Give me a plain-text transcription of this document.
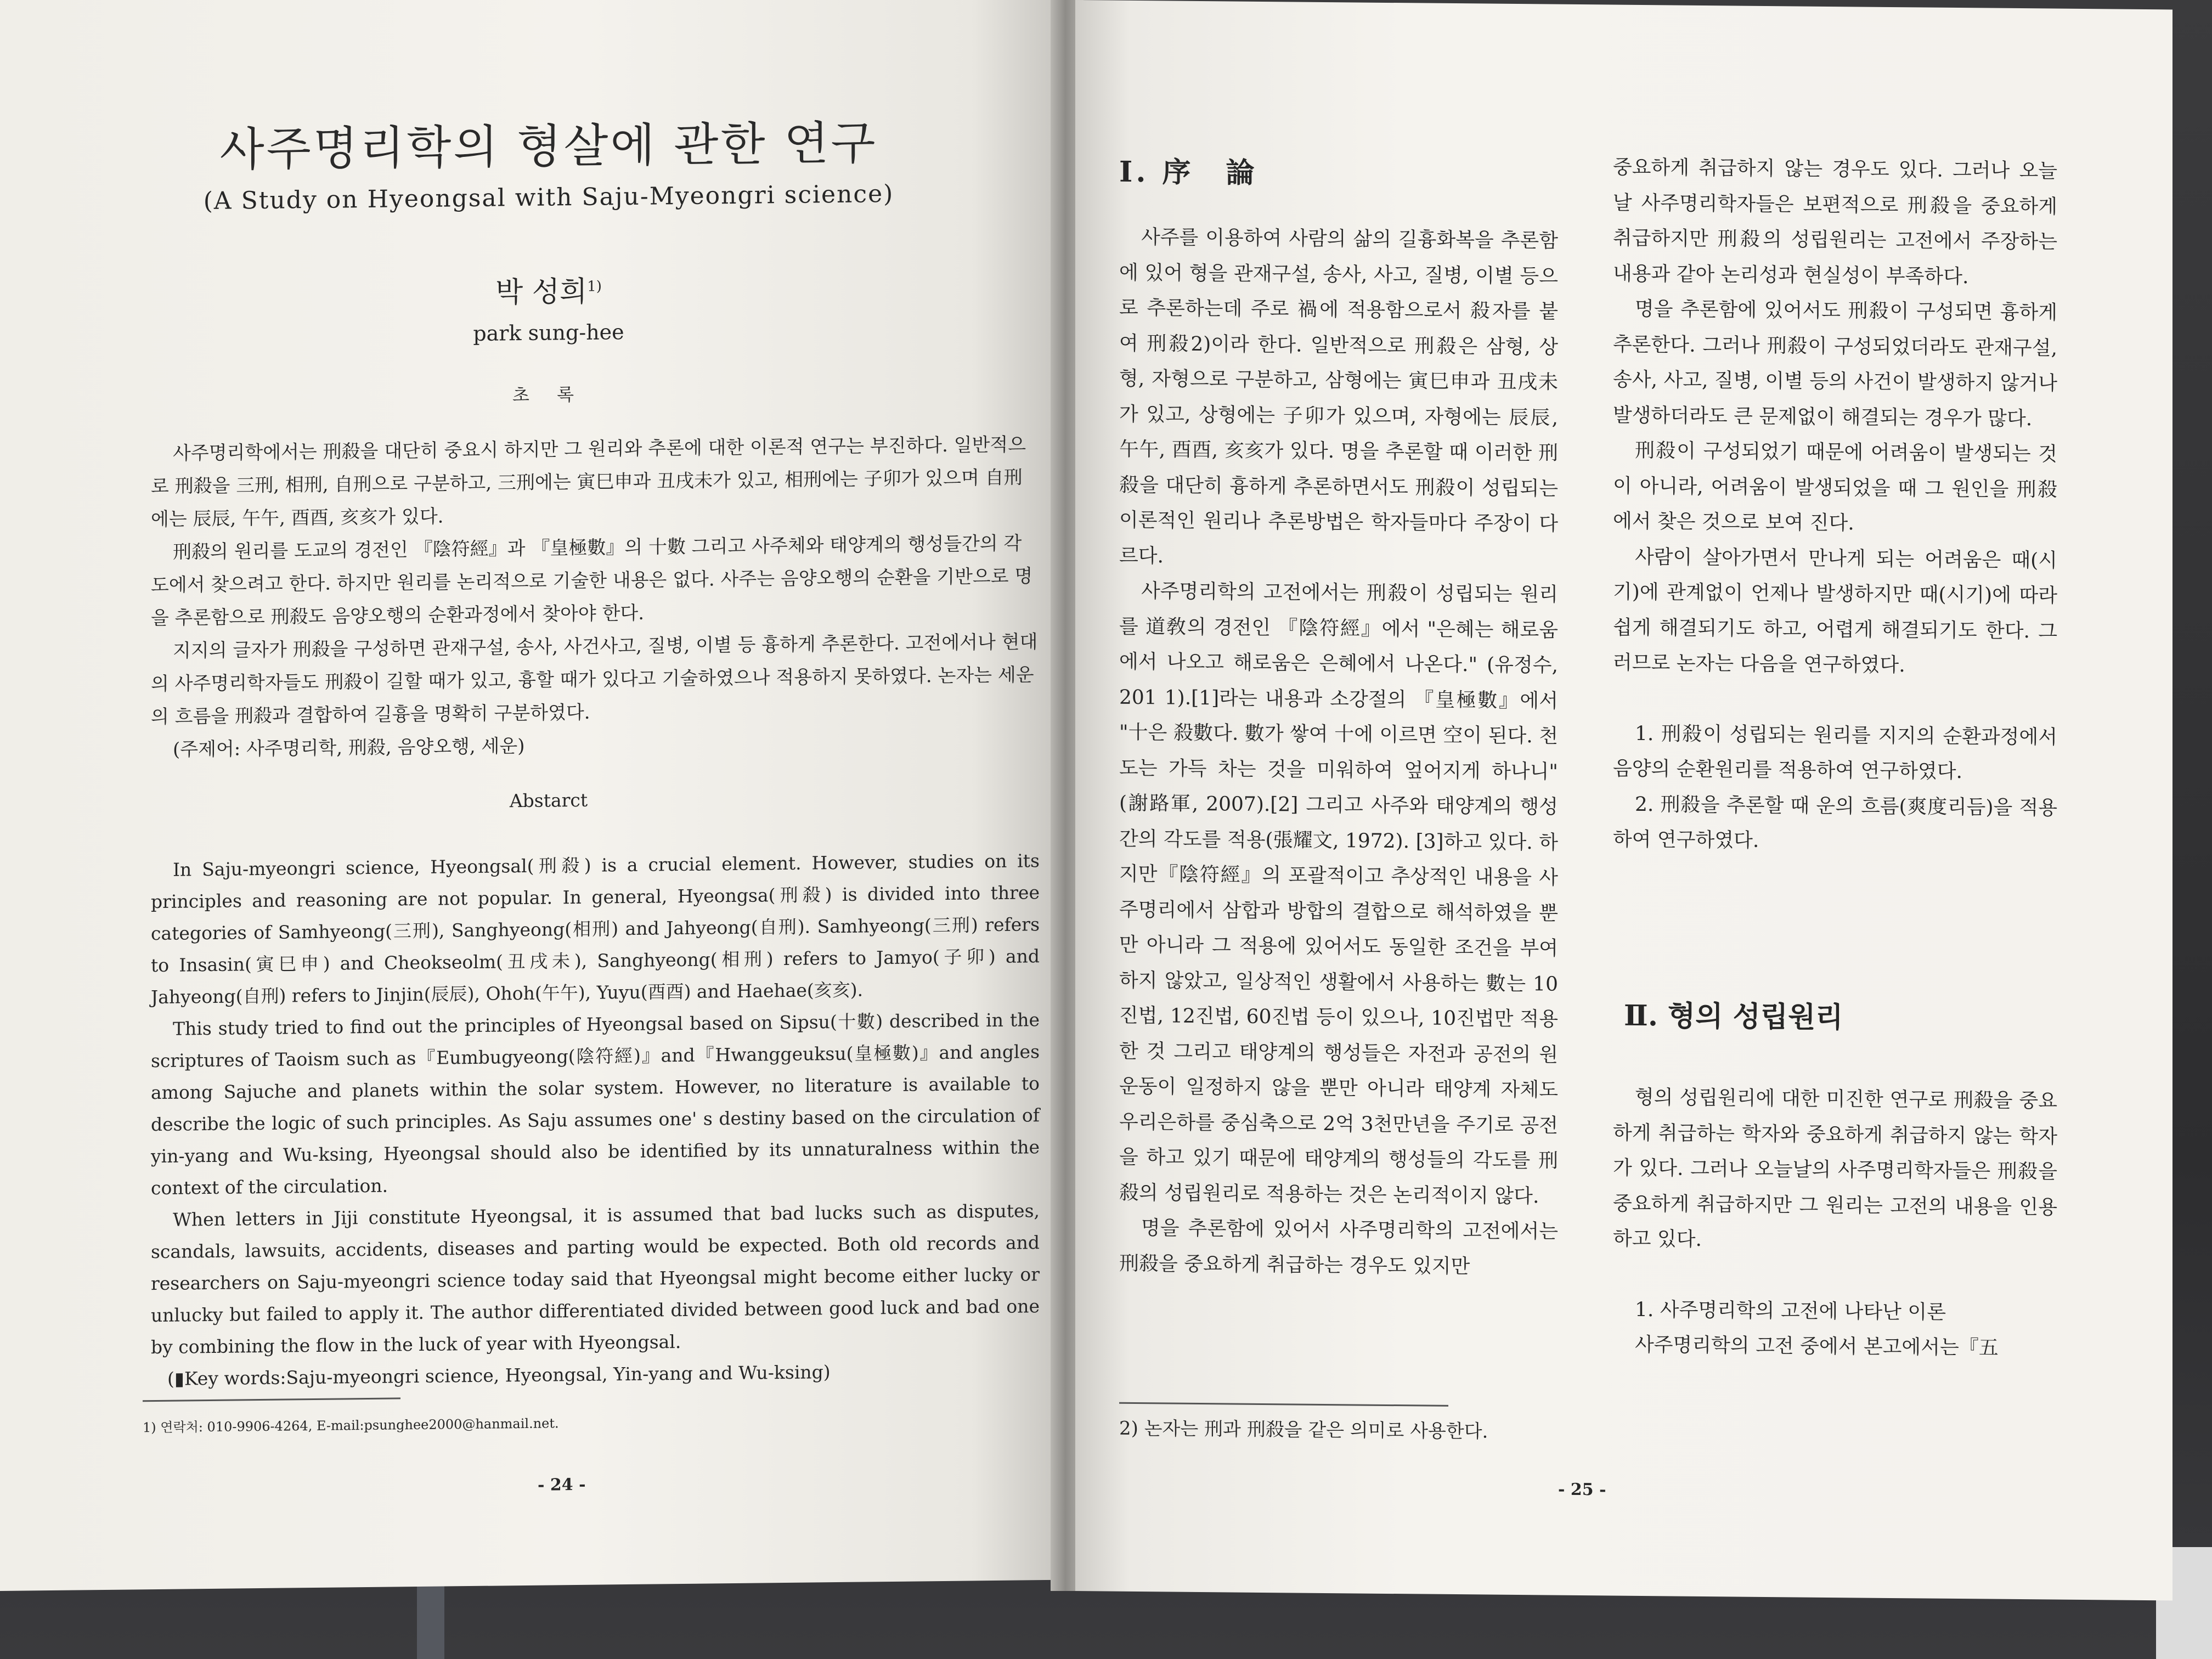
사주명리학의 형살에 관한 연구
(A Study on Hyeongsal with Saju-Myeongri science)
박 성희$^{1)}$
park sung-hee
초 록

사주명리학에서는 刑殺을 대단히 중요시 하지만 그 원리와 추론에 대한 이론적 연구는 부진하다. 일반적으로 刑殺을 三刑, 相刑, 自刑으로 구분하고, 三刑에는 寅巳申과 丑戌未가 있고, 相刑에는 子卯가 있으며 自刑에는 辰辰, 午午, 酉酉, 亥亥가 있다.

刑殺의 원리를 도교의 경전인 『陰符經』과 『皇極數』의 十數 그리고 사주체와 태양계의 행성들간의 각도에서 찾으려고 한다. 하지만 원리를 논리적으로 기술한 내용은 없다. 사주는 음양오행의 순환을 기반으로 명을 추론함으로 刑殺도 음양오행의 순환과정에서 찾아야 한다.

지지의 글자가 刑殺을 구성하면 관재구설, 송사, 사건사고, 질병, 이별 등 흉하게 추론한다. 고전에서나 현대의 사주명리학자들도 刑殺이 길할 때가 있고, 흉할 때가 있다고 기술하였으나 적용하지 못하였다. 논자는 세운의 흐름을 刑殺과 결합하여 길흉을 명확히 구분하였다.

(주제어: 사주명리학, 刑殺, 음양오행, 세운)

Abstarct

In Saju-myeongri science, Hyeongsal(刑殺) is a crucial element. However, studies on its principles and reasoning are not popular. In general, Hyeongsa(刑殺) is divided into three categories of Samhyeong(三刑), Sanghyeong(相刑) and Jahyeong(自刑). Samhyeong(三刑) refers to Insasin(寅巳申) and Cheokseolm(丑戌未), Sanghyeong(相刑) refers to Jamyo(子卯) and Jahyeong(自刑) refers to Jinjin(辰辰), Ohoh(午午), Yuyu(酉酉) and Haehae(亥亥).

This study tried to find out the principles of Hyeongsal based on Sipsu(十數) described in the scriptures of Taoism such as『Eumbugyeong(陰符經)』and『Hwanggeuksu(皇極數)』and angles among Sajuche and planets within the solar system. However, no literature is available to describe the logic of such principles. As Saju assumes one' s destiny based on the circulation of yin-yang and Wu-ksing, Hyeongsal should also be identified by its unnaturalness within the context of the circulation.

When letters in Jiji constitute Hyeongsal, it is assumed that bad lucks such as disputes, scandals, lawsuits, accidents, diseases and parting would be expected. Both old records and researchers on Saju-myeongri science today said that Hyeongsal might become either lucky or unlucky but failed to apply it. The author differentiated divided between good luck and bad one by combining the flow in the luck of year with Hyeongsal.

(▮Key words:Saju-myeongri science, Hyeongsal, Yin-yang and Wu-ksing)

1) 연락처: 010-9906-4264, E-mail:psunghee2000@hanmail.net.
- 24 -
Ⅰ. 序　論

사주를 이용하여 사람의 삶의 길흉화복을 추론함에 있어 형을 관재구설, 송사, 사고, 질병, 이별 등으로 추론하는데 주로 禍에 적용함으로서 殺자를 붙여 刑殺2)이라 한다. 일반적으로 刑殺은 삼형, 상형, 자형으로 구분하고, 삼형에는 寅巳申과 丑戌未가 있고, 상형에는 子卯가 있으며, 자형에는 辰辰, 午午, 酉酉, 亥亥가 있다. 명을 추론할 때 이러한 刑殺을 대단히 흉하게 추론하면서도 刑殺이 성립되는 이론적인 원리나 추론방법은 학자들마다 주장이 다르다.

사주명리학의 고전에서는 刑殺이 성립되는 원리를 道敎의 경전인 『陰符經』에서 "은혜는 해로움에서 나오고 해로움은 은혜에서 나온다." (유정수, 201 1).[1]라는 내용과 소강절의 『皇極數』에서 "十은 殺數다. 數가 쌓여 十에 이르면 空이 된다. 천도는 가득 차는 것을 미워하여 엎어지게 하나니" (謝路軍, 2007).[2] 그리고 사주와 태양계의 행성간의 각도를 적용(張耀文, 1972). [3]하고 있다. 하지만『陰符經』의 포괄적이고 추상적인 내용을 사주명리에서 삼합과 방합의 결합으로 해석하였을 뿐만 아니라 그 적용에 있어서도 동일한 조건을 부여하지 않았고, 일상적인 생활에서 사용하는 數는 10진법, 12진법, 60진법 등이 있으나, 10진법만 적용한 것 그리고 태양계의 행성들은 자전과 공전의 원운동이 일정하지 않을 뿐만 아니라 태양계 자체도 우리은하를 중심축으로 2억 3천만년을 주기로 공전을 하고 있기 때문에 태양계의 행성들의 각도를 刑殺의 성립원리로 적용하는 것은 논리적이지 않다.

명을 추론함에 있어서 사주명리학의 고전에서는 刑殺을 중요하게 취급하는 경우도 있지만

중요하게 취급하지 않는 경우도 있다. 그러나 오늘날 사주명리학자들은 보편적으로 刑殺을 중요하게 취급하지만 刑殺의 성립원리는 고전에서 주장하는 내용과 같아 논리성과 현실성이 부족하다.

명을 추론함에 있어서도 刑殺이 구성되면 흉하게 추론한다. 그러나 刑殺이 구성되었더라도 관재구설, 송사, 사고, 질병, 이별 등의 사건이 발생하지 않거나 발생하더라도 큰 문제없이 해결되는 경우가 많다.

刑殺이 구성되었기 때문에 어려움이 발생되는 것이 아니라, 어려움이 발생되었을 때 그 원인을 刑殺에서 찾은 것으로 보여 진다.

사람이 살아가면서 만나게 되는 어려움은 때(시기)에 관계없이 언제나 발생하지만 때(시기)에 따라 쉽게 해결되기도 하고, 어렵게 해결되기도 한다. 그러므로 논자는 다음을 연구하였다.

1. 刑殺이 성립되는 원리를 지지의 순환과정에서 음양의 순환원리를 적용하여 연구하였다.

2. 刑殺을 추론할 때 운의 흐름(爽度리듬)을 적용하여 연구하였다.

Ⅱ. 형의 성립원리

형의 성립원리에 대한 미진한 연구로 刑殺을 중요하게 취급하는 학자와 중요하게 취급하지 않는 학자가 있다. 그러나 오늘날의 사주명리학자들은 刑殺을 중요하게 취급하지만 그 원리는 고전의 내용을 인용하고 있다.

1. 사주명리학의 고전에 나타난 이론

사주명리학의 고전 중에서 본고에서는『五

2) 논자는 刑과 刑殺을 같은 의미로 사용한다.
- 25 -
